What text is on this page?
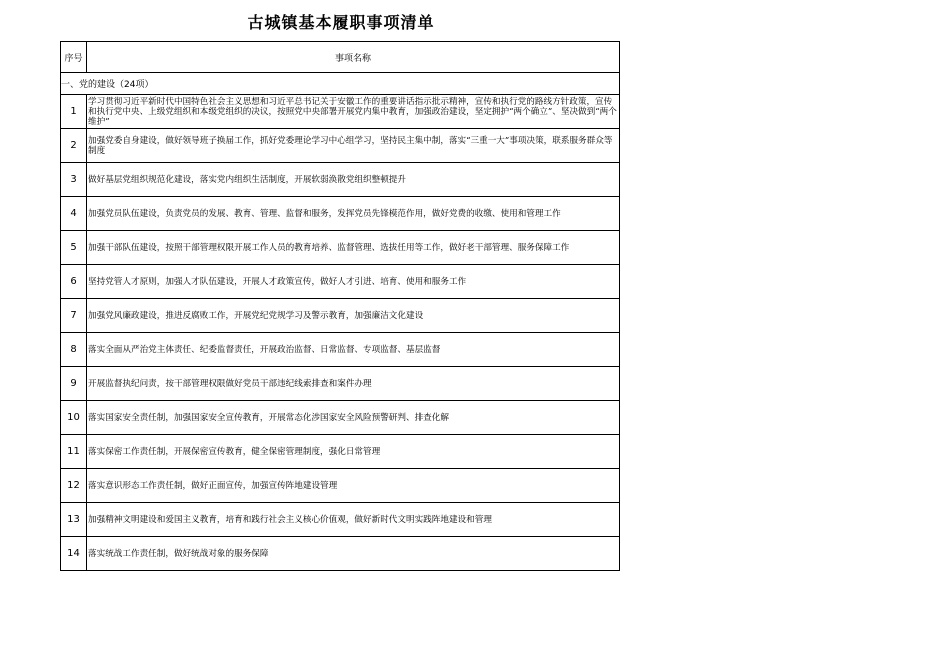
古城镇基本履职事项清单
序号	事项名称
一、党的建设（24项）	
1	学习贯彻习近平新时代中国特色社会主义思想和习近平总书记关于安徽工作的重要讲话指示批示精神，宣传和执行党的路线方针政策，宣传和执行党中央、上级党组织和本级党组织的决议，按照党中央部署开展党内集中教育，加强政治建设，坚定拥护“两个确立”、坚决做到“两个维护”
2	加强党委自身建设，做好领导班子换届工作，抓好党委理论学习中心组学习，坚持民主集中制，落实“三重一大”事项决策，联系服务群众等制度
3	做好基层党组织规范化建设，落实党内组织生活制度，开展软弱涣散党组织整顿提升
4	加强党员队伍建设，负责党员的发展、教育、管理、监督和服务，发挥党员先锋模范作用，做好党费的收缴、使用和管理工作
5	加强干部队伍建设，按照干部管理权限开展工作人员的教育培养、监督管理、选拔任用等工作，做好老干部管理、服务保障工作
6	坚持党管人才原则，加强人才队伍建设，开展人才政策宣传，做好人才引进、培育、使用和服务工作
7	加强党风廉政建设，推进反腐败工作，开展党纪党规学习及警示教育，加强廉洁文化建设
8	落实全面从严治党主体责任、纪委监督责任，开展政治监督、日常监督、专项监督、基层监督
9	开展监督执纪问责，按干部管理权限做好党员干部违纪线索排查和案件办理
10	落实国家安全责任制，加强国家安全宣传教育，开展常态化涉国家安全风险预警研判、排查化解
11	落实保密工作责任制，开展保密宣传教育，健全保密管理制度，强化日常管理
12	落实意识形态工作责任制，做好正面宣传，加强宣传阵地建设管理
13	加强精神文明建设和爱国主义教育，培育和践行社会主义核心价值观，做好新时代文明实践阵地建设和管理
14	落实统战工作责任制，做好统战对象的服务保障
